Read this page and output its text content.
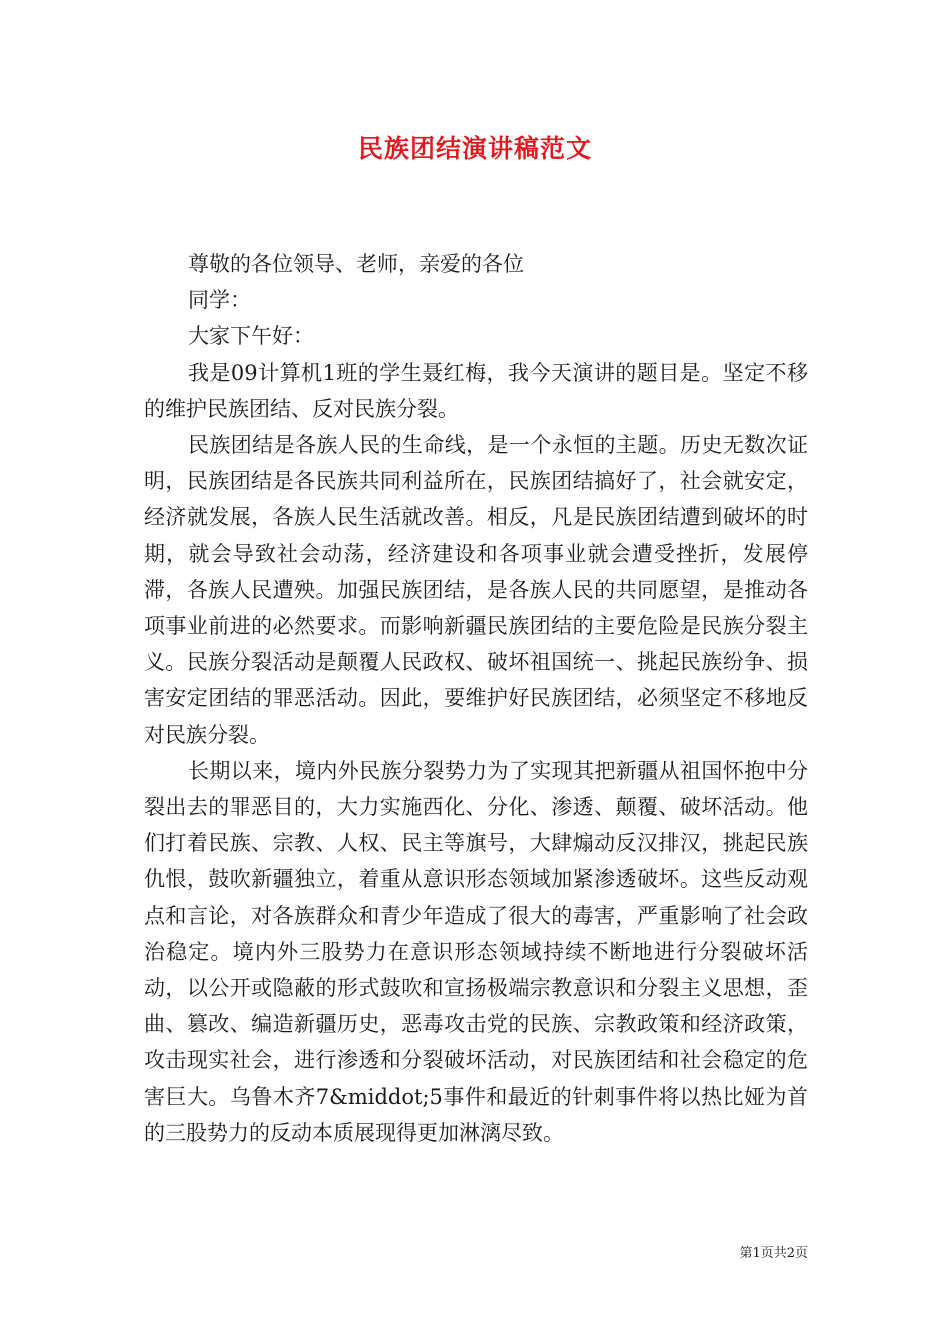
民族团结演讲稿范文
尊敬的各位领导、老师，亲爱的各位
同学：
大家下午好：

我是09计算机1班的学生聂红梅，我今天演讲的题目是。坚定不移的维护民族团结、反对民族分裂。

民族团结是各族人民的生命线，是一个永恒的主题。历史无数次证明，民族团结是各民族共同利益所在，民族团结搞好了，社会就安定，经济就发展，各族人民生活就改善。相反，凡是民族团结遭到破坏的时期，就会导致社会动荡，经济建设和各项事业就会遭受挫折，发展停滞，各族人民遭殃。加强民族团结，是各族人民的共同愿望，是推动各项事业前进的必然要求。而影响新疆民族团结的主要危险是民族分裂主义。民族分裂活动是颠覆人民政权、破坏祖国统一、挑起民族纷争、损害安定团结的罪恶活动。因此，要维护好民族团结，必须坚定不移地反对民族分裂。

长期以来，境内外民族分裂势力为了实现其把新疆从祖国怀抱中分裂出去的罪恶目的，大力实施西化、分化、渗透、颠覆、破坏活动。他们打着民族、宗教、人权、民主等旗号，大肆煽动反汉排汉，挑起民族仇恨，鼓吹新疆独立，着重从意识形态领域加紧渗透破坏。这些反动观点和言论，对各族群众和青少年造成了很大的毒害，严重影响了社会政治稳定。境内外三股势力在意识形态领域持续不断地进行分裂破坏活动，以公开或隐蔽的形式鼓吹和宣扬极端宗教意识和分裂主义思想，歪曲、篡改、编造新疆历史，恶毒攻击党的民族、宗教政策和经济政策，攻击现实社会，进行渗透和分裂破坏活动，对民族团结和社会稳定的危害巨大。乌鲁木齐7&middot;5事件和最近的针刺事件将以热比娅为首的三股势力的反动本质展现得更加淋漓尽致。

第1页共2页
